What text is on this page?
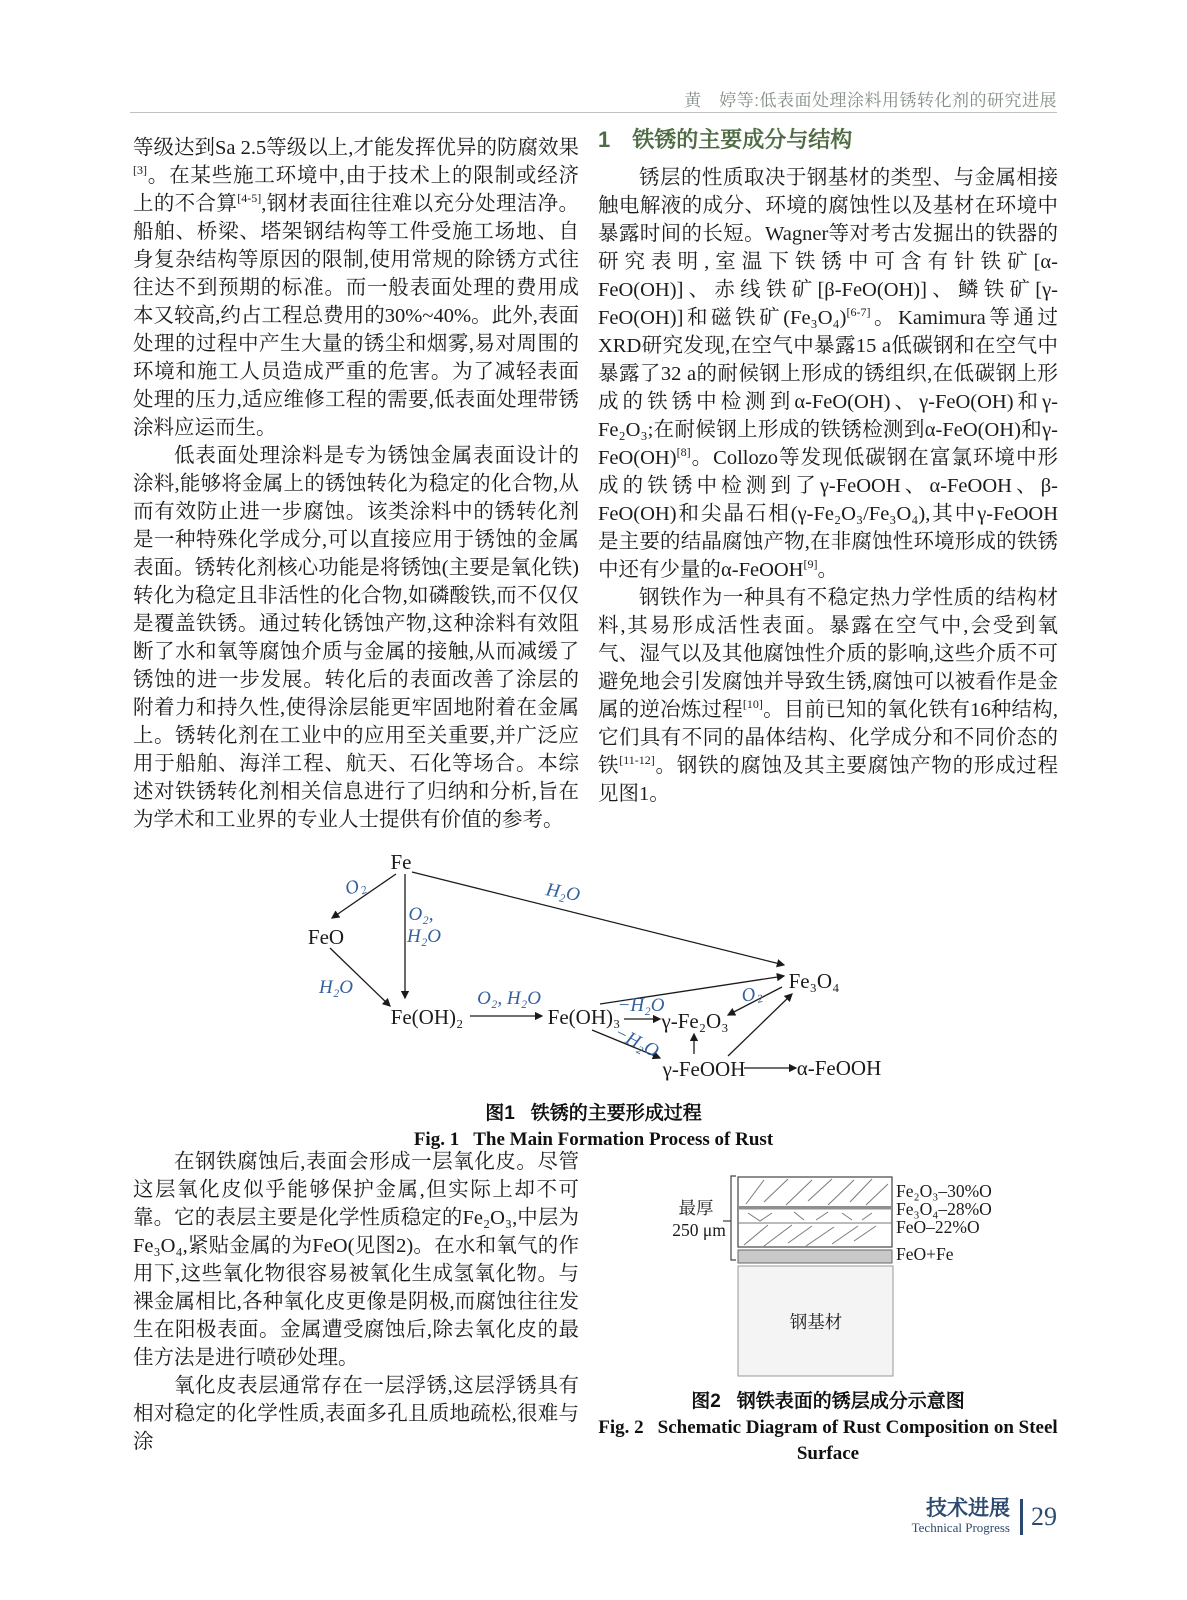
黄　婷等:低表面处理涂料用锈转化剂的研究进展

等级达到Sa 2.5等级以上,才能发挥优异的防腐效果[3]。在某些施工环境中,由于技术上的限制或经济上的不合算[4-5],钢材表面往往难以充分处理洁净。船舶、桥梁、塔架钢结构等工件受施工场地、自身复杂结构等原因的限制,使用常规的除锈方式往往达不到预期的标准。而一般表面处理的费用成本又较高,约占工程总费用的30%~40%。此外,表面处理的过程中产生大量的锈尘和烟雾,易对周围的环境和施工人员造成严重的危害。为了减轻表面处理的压力,适应维修工程的需要,低表面处理带锈涂料应运而生。

低表面处理涂料是专为锈蚀金属表面设计的涂料,能够将金属上的锈蚀转化为稳定的化合物,从而有效防止进一步腐蚀。该类涂料中的锈转化剂是一种特殊化学成分,可以直接应用于锈蚀的金属表面。锈转化剂核心功能是将锈蚀(主要是氧化铁)转化为稳定且非活性的化合物,如磷酸铁,而不仅仅是覆盖铁锈。通过转化锈蚀产物,这种涂料有效阻断了水和氧等腐蚀介质与金属的接触,从而减缓了锈蚀的进一步发展。转化后的表面改善了涂层的附着力和持久性,使得涂层能更牢固地附着在金属上。锈转化剂在工业中的应用至关重要,并广泛应用于船舶、海洋工程、航天、石化等场合。本综述对铁锈转化剂相关信息进行了归纳和分析,旨在为学术和工业界的专业人士提供有价值的参考。

1 铁锈的主要成分与结构

锈层的性质取决于钢基材的类型、与金属相接触电解液的成分、环境的腐蚀性以及基材在环境中暴露时间的长短。Wagner等对考古发掘出的铁器的研究表明,室温下铁锈中可含有针铁矿[α-FeO(OH)]、赤线铁矿[β-FeO(OH)]、鳞铁矿[γ-FeO(OH)]和磁铁矿(Fe₃O₄)[6-7]。Kamimura等通过XRD研究发现,在空气中暴露15 a低碳钢和在空气中暴露了32 a的耐候钢上形成的锈组织,在低碳钢上形成的铁锈中检测到α-FeO(OH)、γ-FeO(OH)和γ-Fe₂O₃;在耐候钢上形成的铁锈检测到α-FeO(OH)和γ-FeO(OH)[8]。Collozo等发现低碳钢在富氯环境中形成的铁锈中检测到了γ-FeOOH、α-FeOOH、β-FeO(OH)和尖晶石相(γ-Fe₂O₃/Fe₃O₄),其中γ-FeOOH是主要的结晶腐蚀产物,在非腐蚀性环境形成的铁锈中还有少量的α-FeOOH[9]。

钢铁作为一种具有不稳定热力学性质的结构材料,其易形成活性表面。暴露在空气中,会受到氧气、湿气以及其他腐蚀性介质的影响,这些介质不可避免地会引发腐蚀并导致生锈,腐蚀可以被看作是金属的逆冶炼过程[10]。目前已知的氧化铁有16种结构,它们具有不同的晶体结构、化学成分和不同价态的铁[11-12]。钢铁的腐蚀及其主要腐蚀产物的形成过程见图1。

Fe
FeO
Fe(OH)₂	Fe(OH)₃ γ-Fe₂O₃
Fe₃O₄
γ-FeOOH α-FeOOH
O₂
O₂,
H₂O
H₂O
H₂O
O₂, H₂O	−H₂O	O₂
−H₂O
图1 铁锈的主要形成过程
Fig. 1 The Main Formation Process of Rust

在钢铁腐蚀后,表面会形成一层氧化皮。尽管这层氧化皮似乎能够保护金属,但实际上却不可靠。它的表层主要是化学性质稳定的Fe₂O₃,中层为Fe₃O₄,紧贴金属的为FeO(见图2)。在水和氧气的作用下,这些氧化物很容易被氧化生成氢氧化物。与裸金属相比,各种氧化皮更像是阴极,而腐蚀往往发生在阳极表面。金属遭受腐蚀后,除去氧化皮的最佳方法是进行喷砂处理。

氧化皮表层通常存在一层浮锈,这层浮锈具有相对稳定的化学性质,表面多孔且质地疏松,很难与涂

最厚
250 μm
钢基材
Fe₂O₃–30%O
Fe₃O₄–28%O
FeO–22%O
FeO+Fe
图2 钢铁表面的锈层成分示意图
Fig. 2 Schematic Diagram of Rust Composition on Steel
Surface
技术进展
Technical Progress 29
